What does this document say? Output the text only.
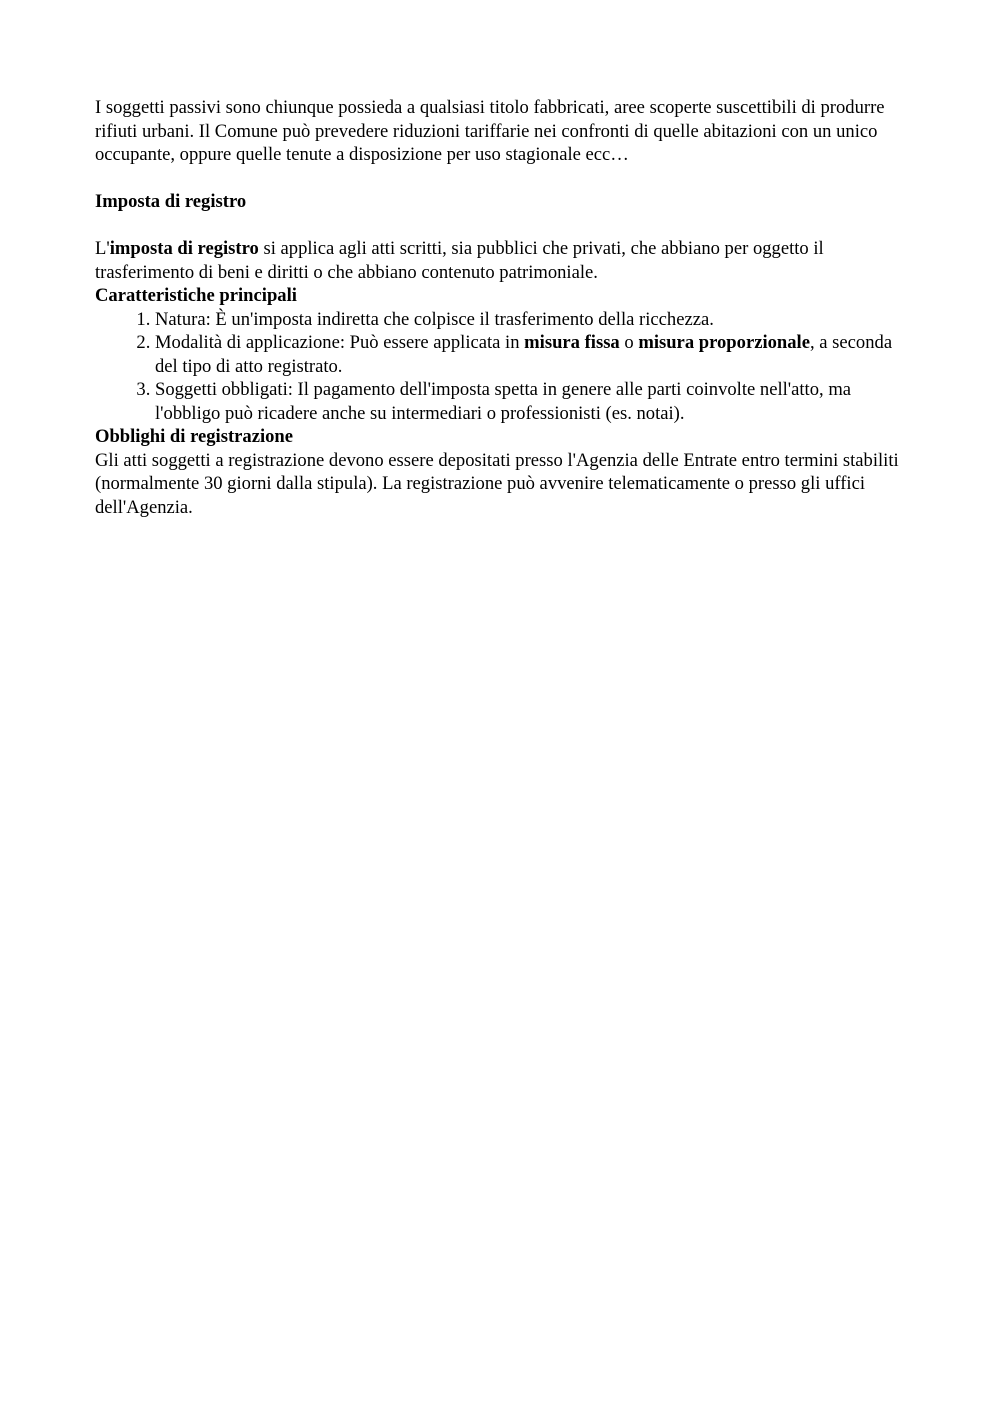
I soggetti passivi sono chiunque possieda a qualsiasi titolo fabbricati, aree scoperte suscettibili di produrre rifiuti urbani. Il Comune può prevedere riduzioni tariffarie nei confronti di quelle abitazioni con un unico occupante, oppure quelle tenute a disposizione per uso stagionale ecc…

Imposta di registro

L'imposta di registro si applica agli atti scritti, sia pubblici che privati, che abbiano per oggetto il trasferimento di beni e diritti o che abbiano contenuto patrimoniale.

Caratteristiche principali

1. Natura: È un'imposta indiretta che colpisce il trasferimento della ricchezza.
2. Modalità di applicazione: Può essere applicata in misura fissa o misura proporzionale, a seconda del tipo di atto registrato.
3. Soggetti obbligati: Il pagamento dell'imposta spetta in genere alle parti coinvolte nell'atto, ma l'obbligo può ricadere anche su intermediari o professionisti (es. notai).

Obblighi di registrazione

Gli atti soggetti a registrazione devono essere depositati presso l'Agenzia delle Entrate entro termini stabiliti (normalmente 30 giorni dalla stipula). La registrazione può avvenire telematicamente o presso gli uffici dell'Agenzia.
